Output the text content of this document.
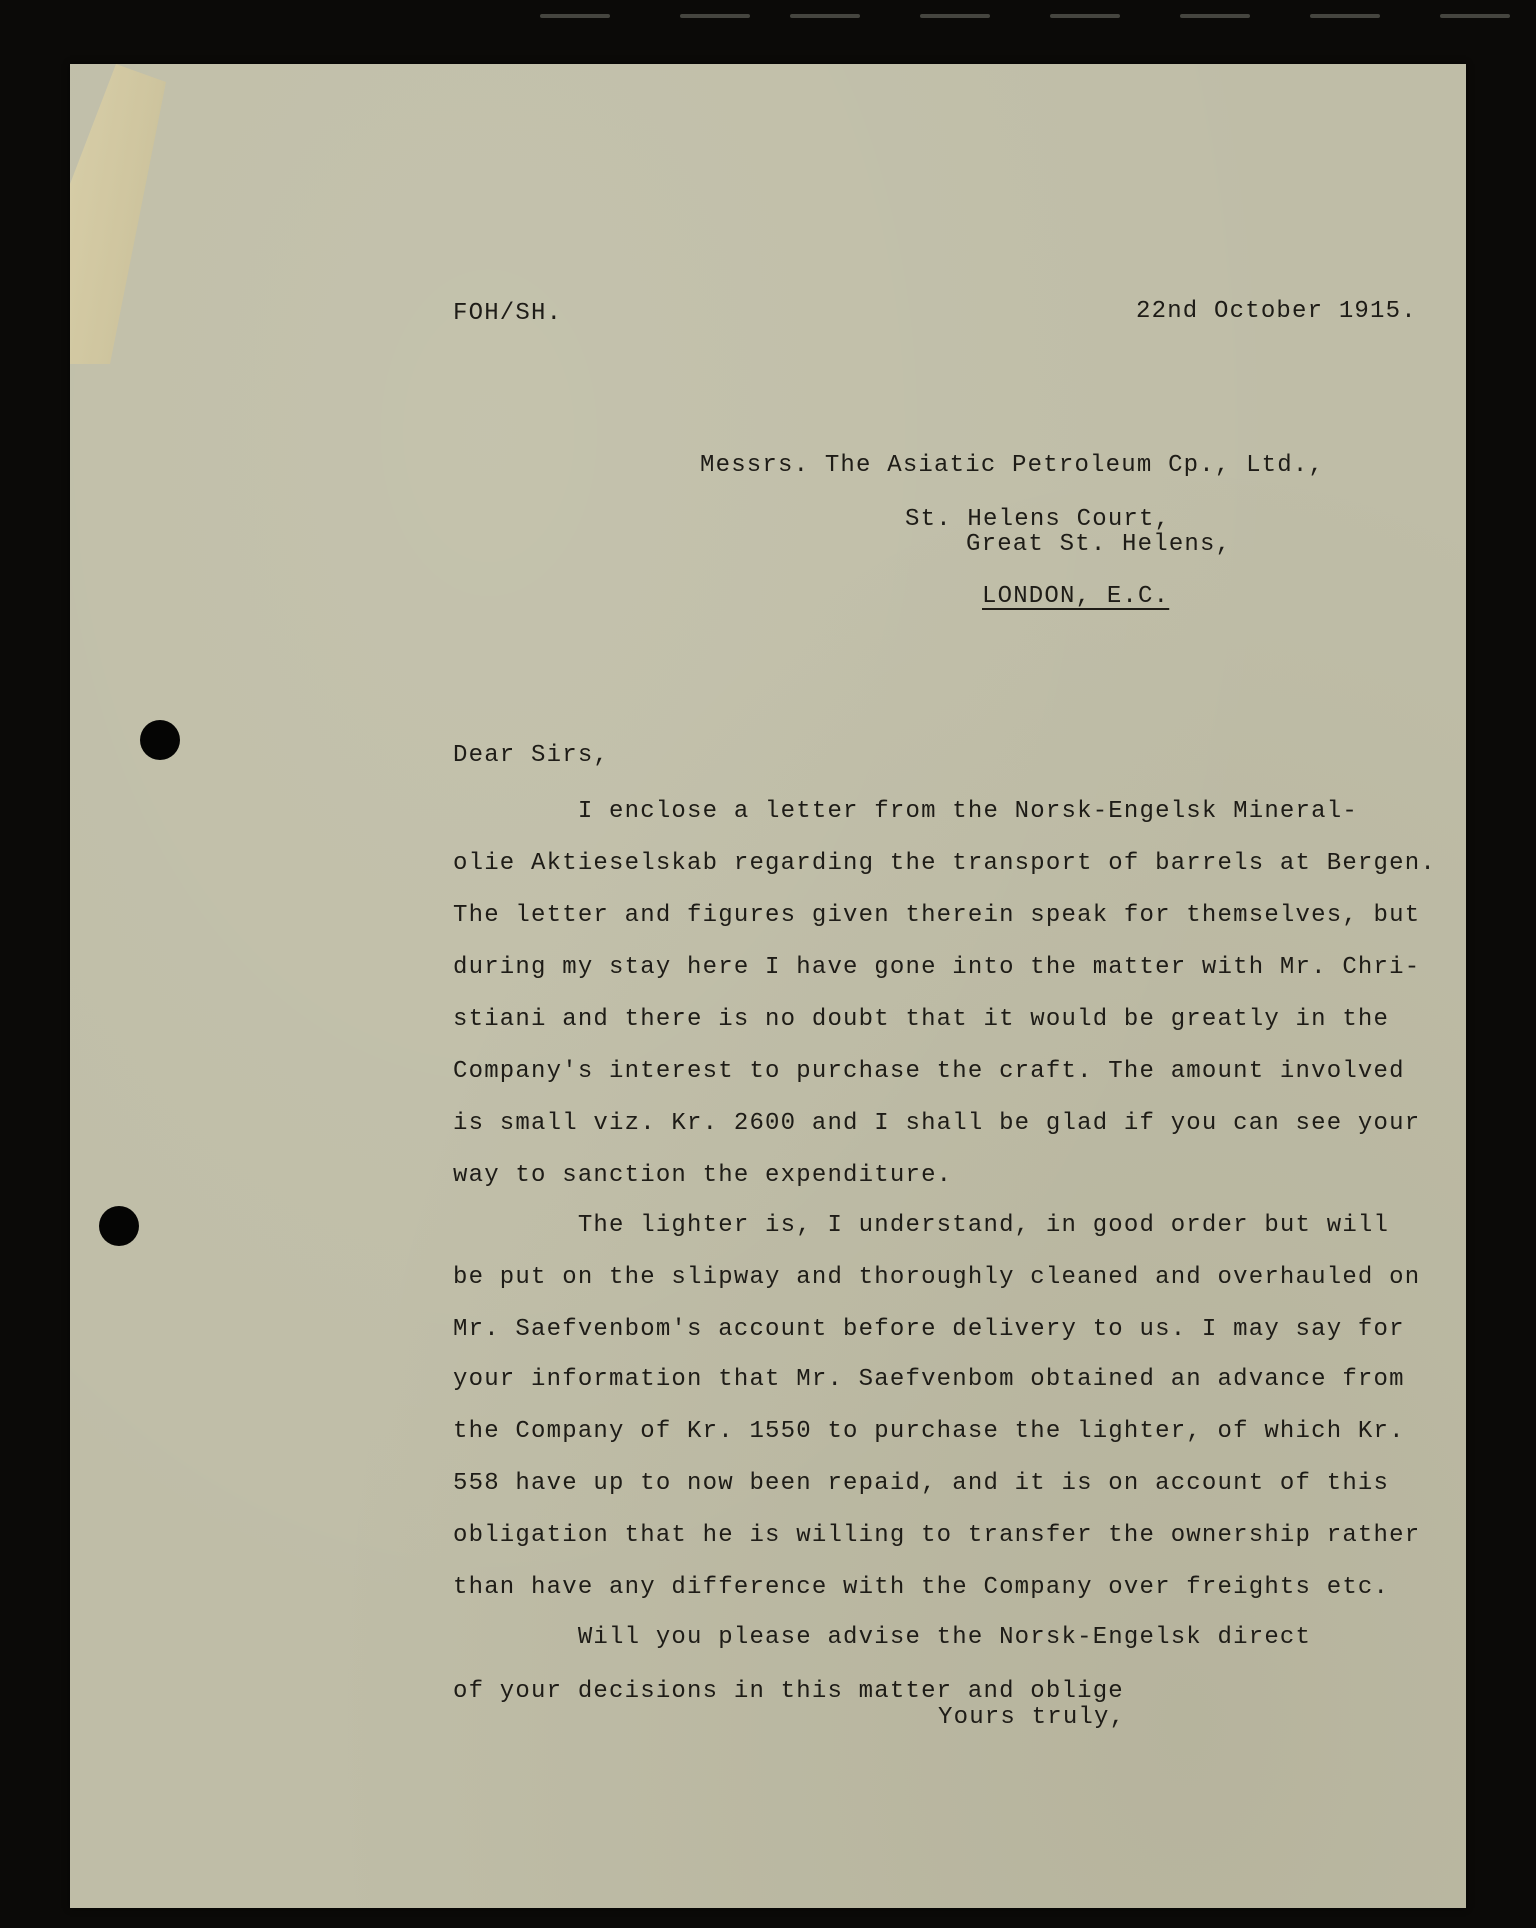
FOH/SH.	22nd October 1915.

Messrs. The Asiatic Petroleum Cp., Ltd.,

St. Helens Court,

Great St. Helens,

LONDON, E.C.

Dear Sirs,

I enclose a letter from the Norsk-Engelsk Mineral-

olie Aktieselskab regarding the transport of barrels at Bergen.

The letter and figures given therein speak for themselves, but

during my stay here I have gone into the matter with Mr. Chri-

stiani and there is no doubt that it would be greatly in the

Company's interest to purchase the craft. The amount involved

is small viz. Kr. 2600 and I shall be glad if you can see your

way to sanction the expenditure.

The lighter is, I understand, in good order but will

be put on the slipway and thoroughly cleaned and overhauled on

Mr. Saefvenbom's account before delivery to us. I may say for

your information that Mr. Saefvenbom obtained an advance from

the Company of Kr. 1550 to purchase the lighter, of which Kr.

558 have up to now been repaid, and it is on account of this

obligation that he is willing to transfer the ownership rather

than have any difference with the Company over freights etc.

Will you please advise the Norsk-Engelsk direct

of your decisions in this matter and oblige

Yours truly,
